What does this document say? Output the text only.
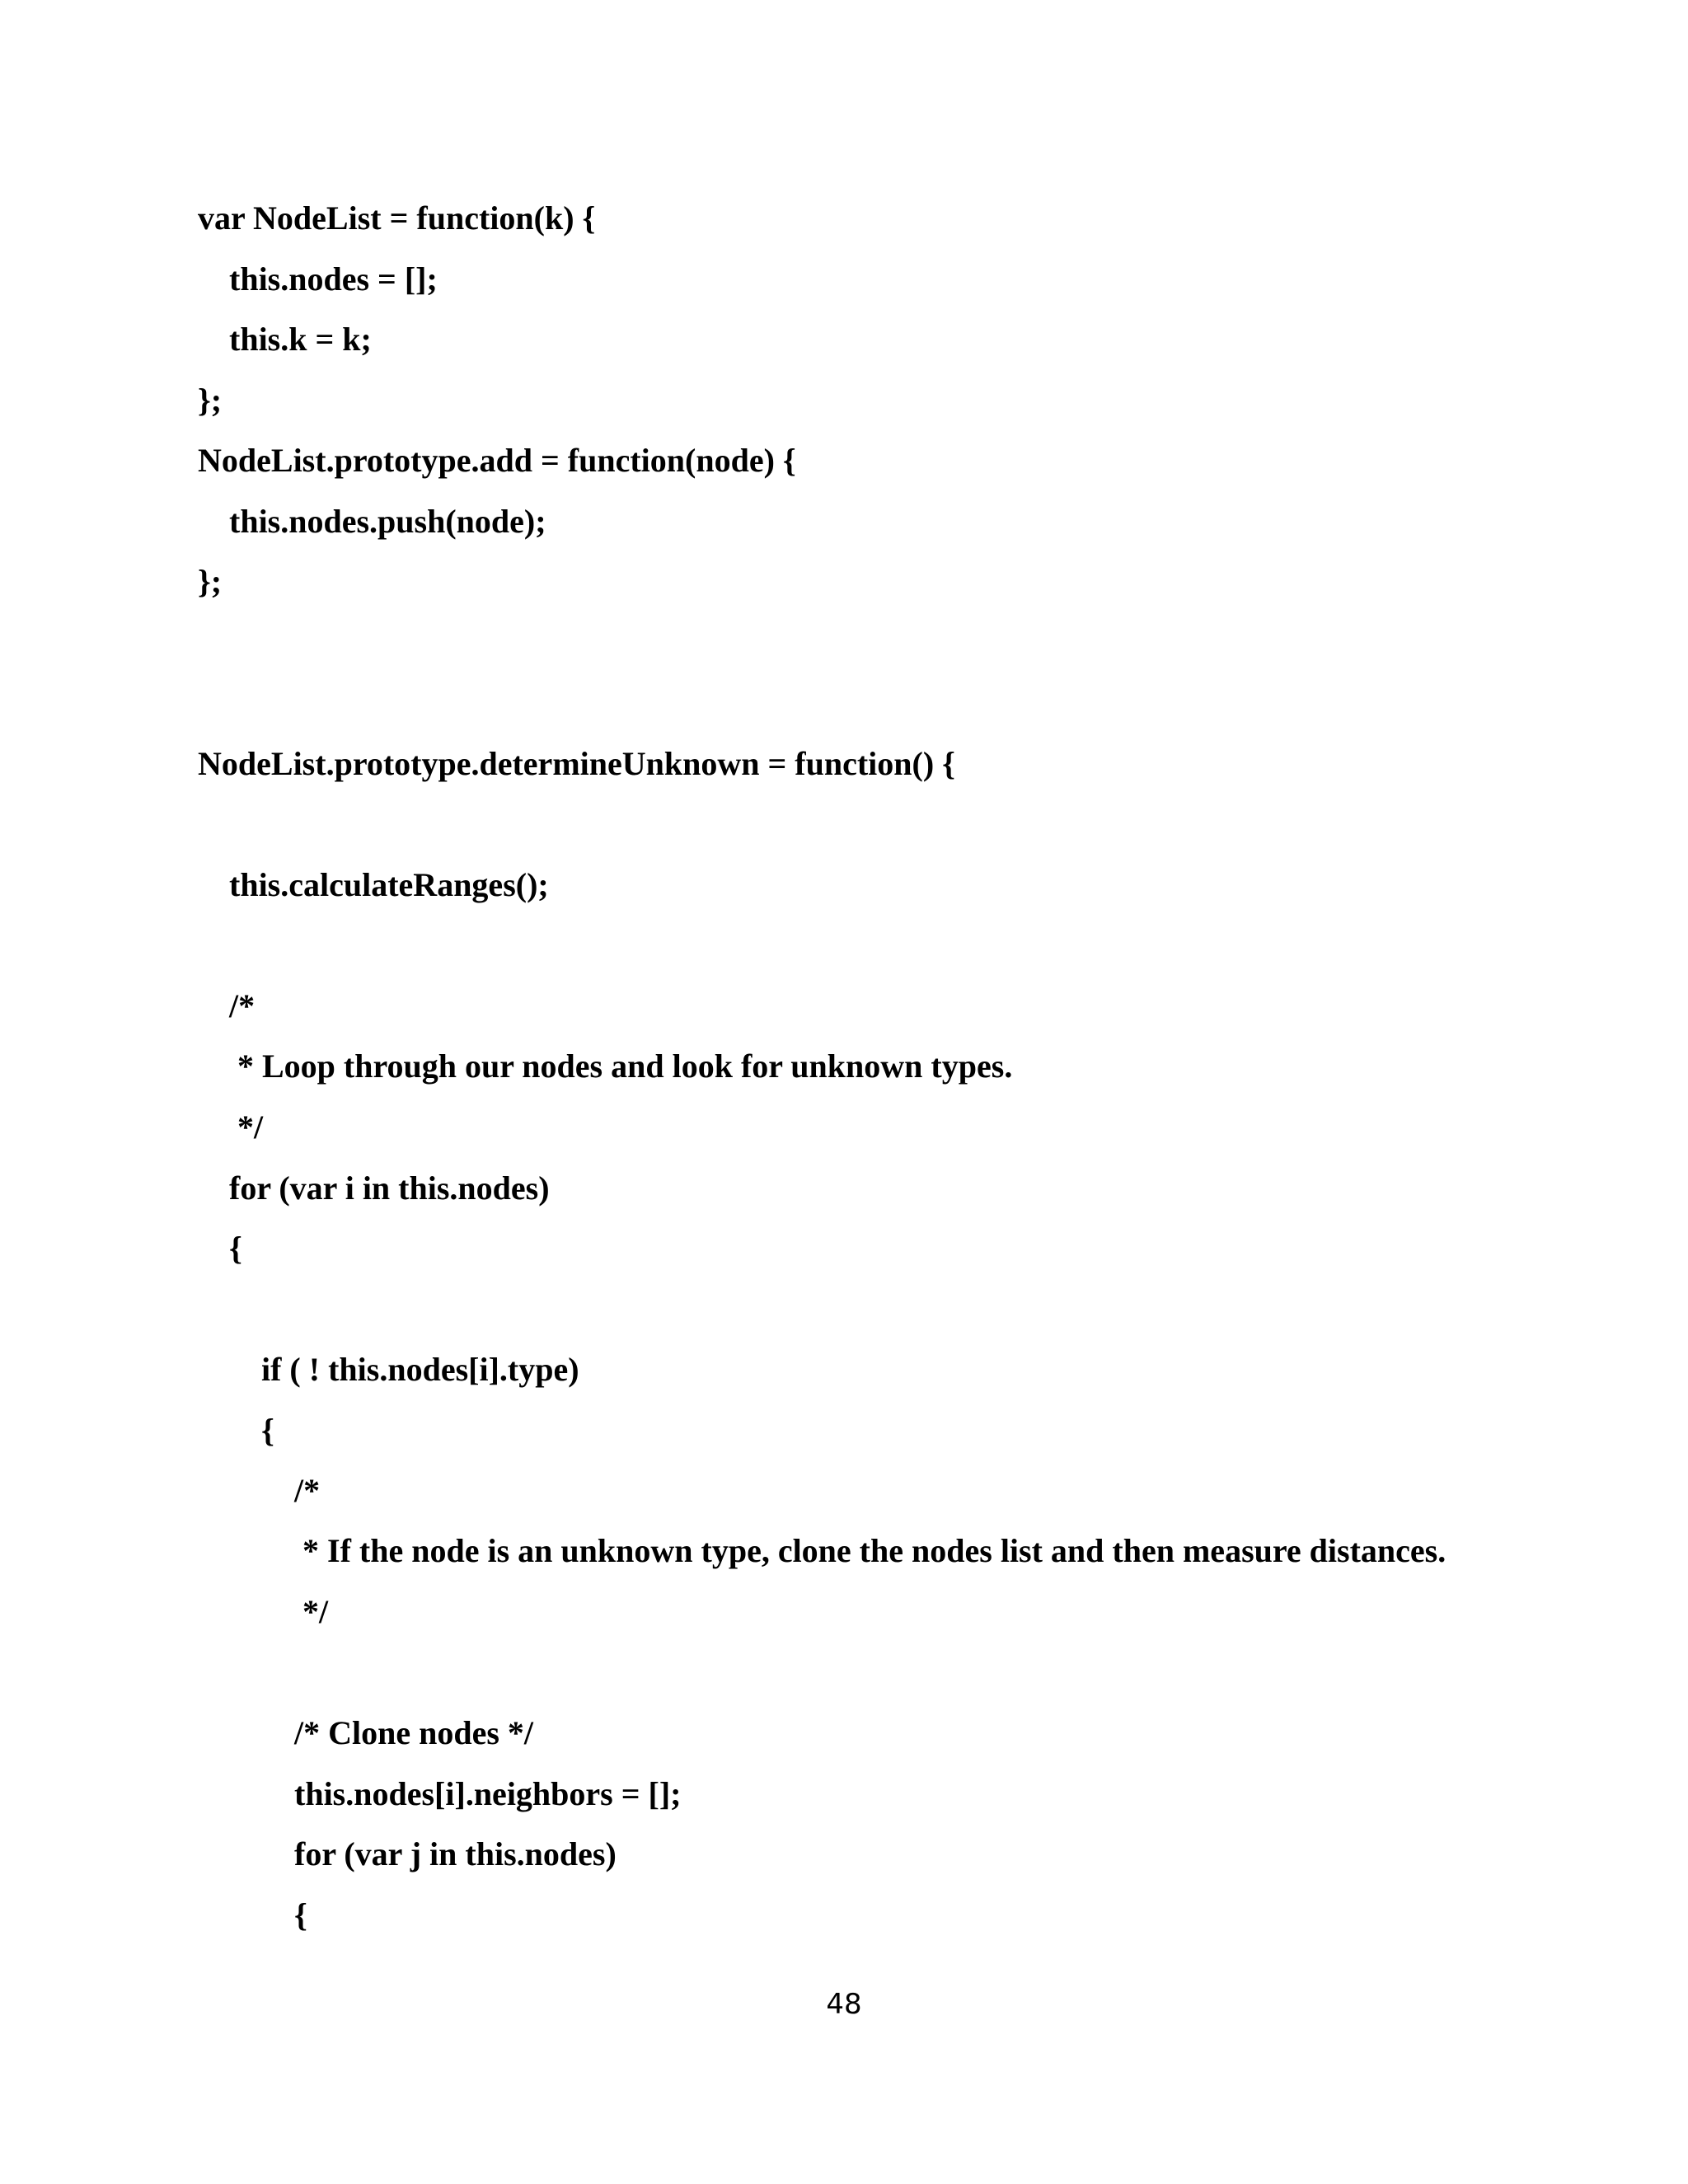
var NodeList = function(k) {
this.nodes = [];
this.k = k;
};
NodeList.prototype.add = function(node) {
this.nodes.push(node);
};
NodeList.prototype.determineUnknown = function() {
this.calculateRanges();
/*
* Loop through our nodes and look for unknown types.
*/
for (var i in this.nodes)
{
if ( ! this.nodes[i].type)
{
/*
* If the node is an unknown type, clone the nodes list and then measure distances.
*/
/* Clone nodes */
this.nodes[i].neighbors = [];
for (var j in this.nodes)
{
48
